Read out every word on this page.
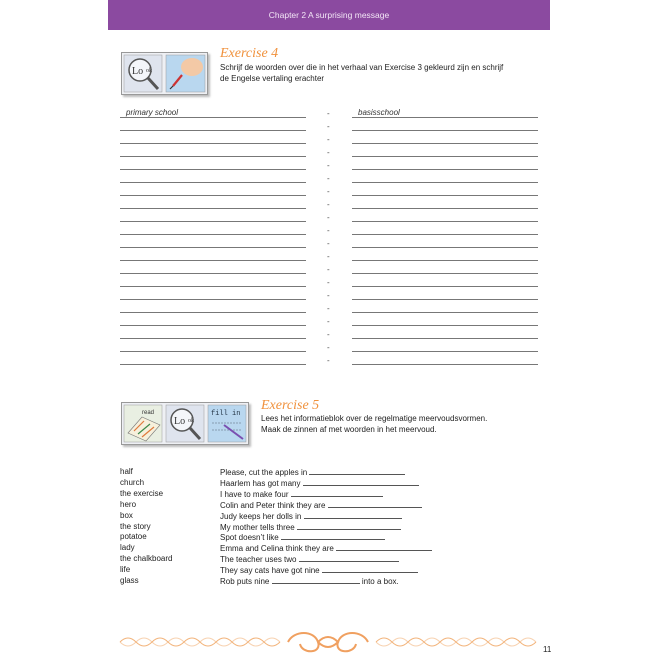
Chapter 2 A surprising message
Lo ok
Exercise 4
Schrijf de woorden over die in het verhaal van Exercise 3 gekleurd zijn en schrijf
de Engelse vertaling erachter
primary school	-	basisschool
-
-
-
-
-
-
-
-
-
-
-
-
-
-
-
-
-
-
-
read
Lo ok
fill in
Exercise 5
Lees het informatieblok over de regelmatige meervoudsvormen.
Maak de zinnen af met woorden in het meervoud.
half	Please, cut the apples in
church	Haarlem has got many
the exercise	I have to make four
hero	Colin and Peter think they are
box	Judy keeps her dolls in
the story	My mother tells three
potatoe	Spot doesn’t like
lady	Emma and Celina think they are
the chalkboard	The teacher uses two
life	They say cats have got nine
glass	Rob puts nine	into a box.
11
